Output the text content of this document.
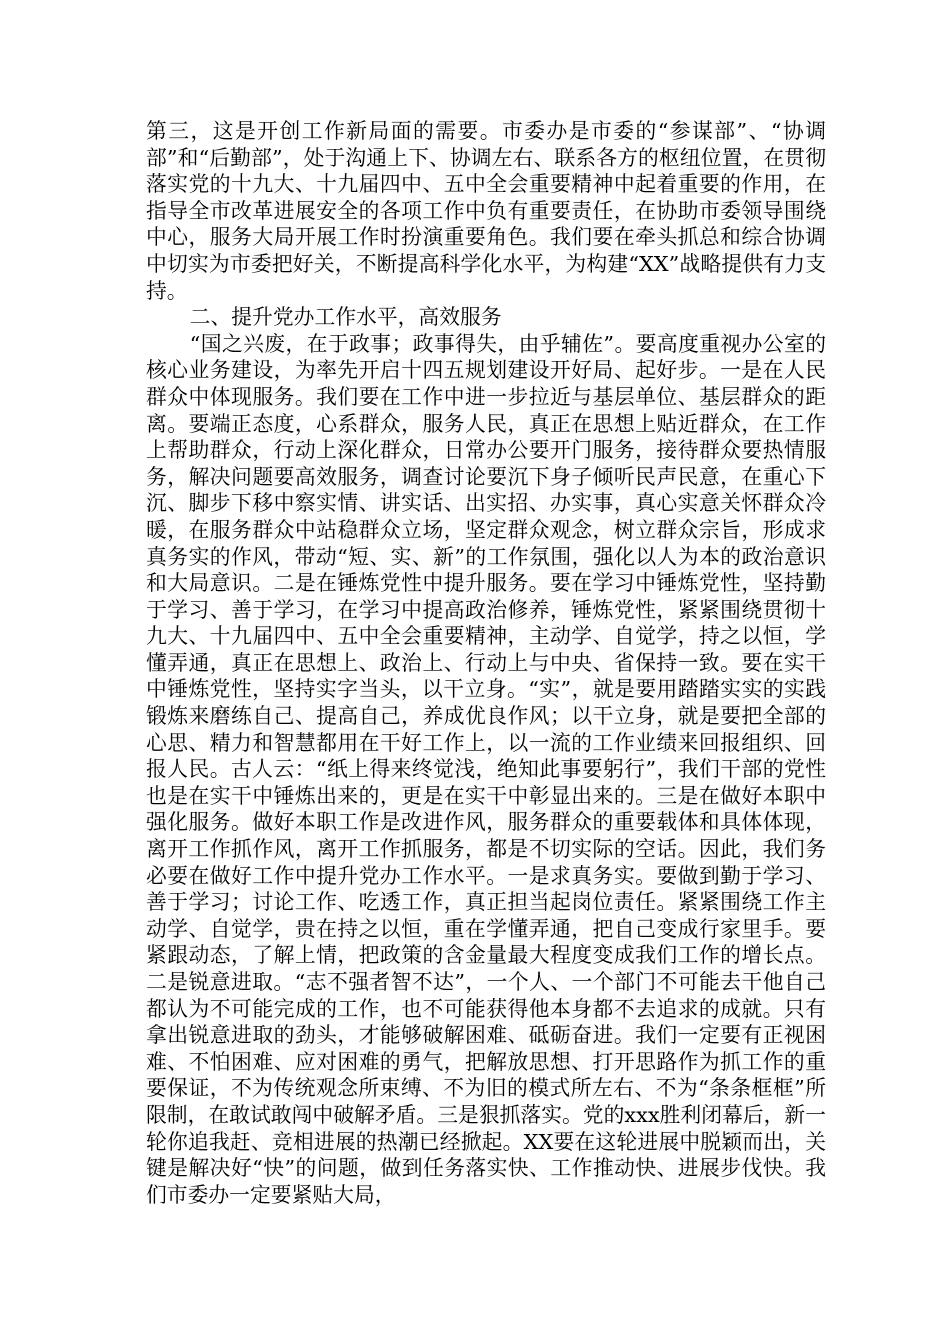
第三，这是开创工作新局面的需要。市委办是市委的“参谋部”、“协调部”和“后勤部”，处于沟通上下、协调左右、联系各方的枢纽位置，在贯彻落实党的十九大、十九届四中、五中全会重要精神中起着重要的作用，在指导全市改革进展安全的各项工作中负有重要责任，在协助市委领导围绕中心，服务大局开展工作时扮演重要角色。我们要在牵头抓总和综合协调中切实为市委把好关，不断提高科学化水平，为构建“XX”战略提供有力支持。

二、提升党办工作水平，高效服务

“国之兴废，在于政事；政事得失，由乎辅佐”。要高度重视办公室的核心业务建设，为率先开启十四五规划建设开好局、起好步。一是在人民群众中体现服务。我们要在工作中进一步拉近与基层单位、基层群众的距离。要端正态度，心系群众，服务人民，真正在思想上贴近群众，在工作上帮助群众，行动上深化群众，日常办公要开门服务，接待群众要热情服务，解决问题要高效服务，调查讨论要沉下身子倾听民声民意，在重心下沉、脚步下移中察实情、讲实话、出实招、办实事，真心实意关怀群众冷暖，在服务群众中站稳群众立场，坚定群众观念，树立群众宗旨，形成求真务实的作风，带动“短、实、新”的工作氛围，强化以人为本的政治意识和大局意识。二是在锤炼党性中提升服务。要在学习中锤炼党性，坚持勤于学习、善于学习，在学习中提高政治修养，锤炼党性，紧紧围绕贯彻十九大、十九届四中、五中全会重要精神，主动学、自觉学，持之以恒，学懂弄通，真正在思想上、政治上、行动上与中央、省保持一致。要在实干中锤炼党性，坚持实字当头，以干立身。“实”，就是要用踏踏实实的实践锻炼来磨练自己、提高自己，养成优良作风；以干立身，就是要把全部的心思、精力和智慧都用在干好工作上，以一流的工作业绩来回报组织、回报人民。古人云：“纸上得来终觉浅，绝知此事要躬行”，我们干部的党性也是在实干中锤炼出来的，更是在实干中彰显出来的。三是在做好本职中强化服务。做好本职工作是改进作风，服务群众的重要载体和具体体现，离开工作抓作风，离开工作抓服务，都是不切实际的空话。因此，我们务必要在做好工作中提升党办工作水平。一是求真务实。要做到勤于学习、善于学习；讨论工作、吃透工作，真正担当起岗位责任。紧紧围绕工作主动学、自觉学，贵在持之以恒，重在学懂弄通，把自己变成行家里手。要紧跟动态，了解上情，把政策的含金量最大程度变成我们工作的增长点。二是锐意进取。“志不强者智不达”，一个人、一个部门不可能去干他自己都认为不可能完成的工作，也不可能获得他本身都不去追求的成就。只有拿出锐意进取的劲头，才能够破解困难、砥砺奋进。我们一定要有正视困难、不怕困难、应对困难的勇气，把解放思想、打开思路作为抓工作的重要保证，不为传统观念所束缚、不为旧的模式所左右、不为“条条框框”所限制，在敢试敢闯中破解矛盾。三是狠抓落实。党的xxx胜利闭幕后，新一轮你追我赶、竞相进展的热潮已经掀起。XX要在这轮进展中脱颖而出，关键是解决好“快”的问题，做到任务落实快、工作推动快、进展步伐快。我们市委办一定要紧贴大局，
